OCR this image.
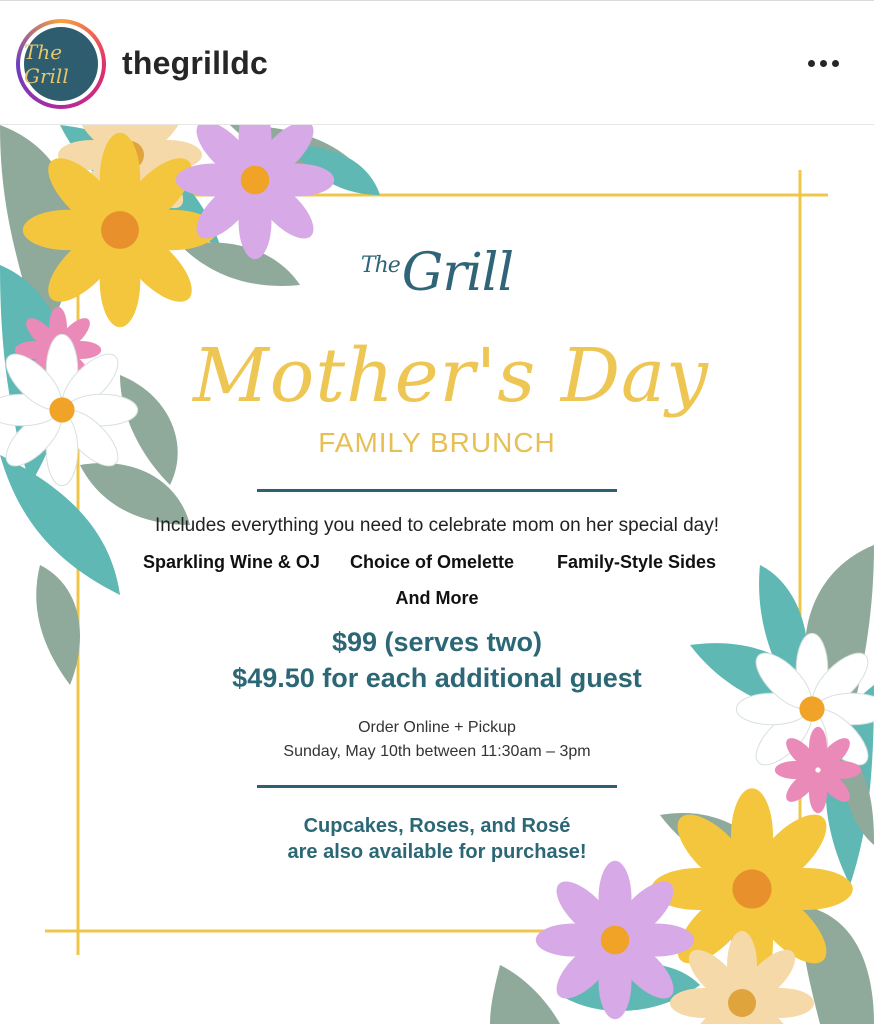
The Grill	thegrilldc
$^{The}$Grill
Mother's Day
FAMILY BRUNCH
Includes everything you need to celebrate mom on her special day!
Sparkling Wine & OJ Choice of Omelette Family-Style Sides
And More
$99 (serves two)
$49.50 for each additional guest
Order Online + Pickup
Sunday, May 10th between 11:30am – 3pm
Cupcakes, Roses, and Rosé
are also available for purchase!
